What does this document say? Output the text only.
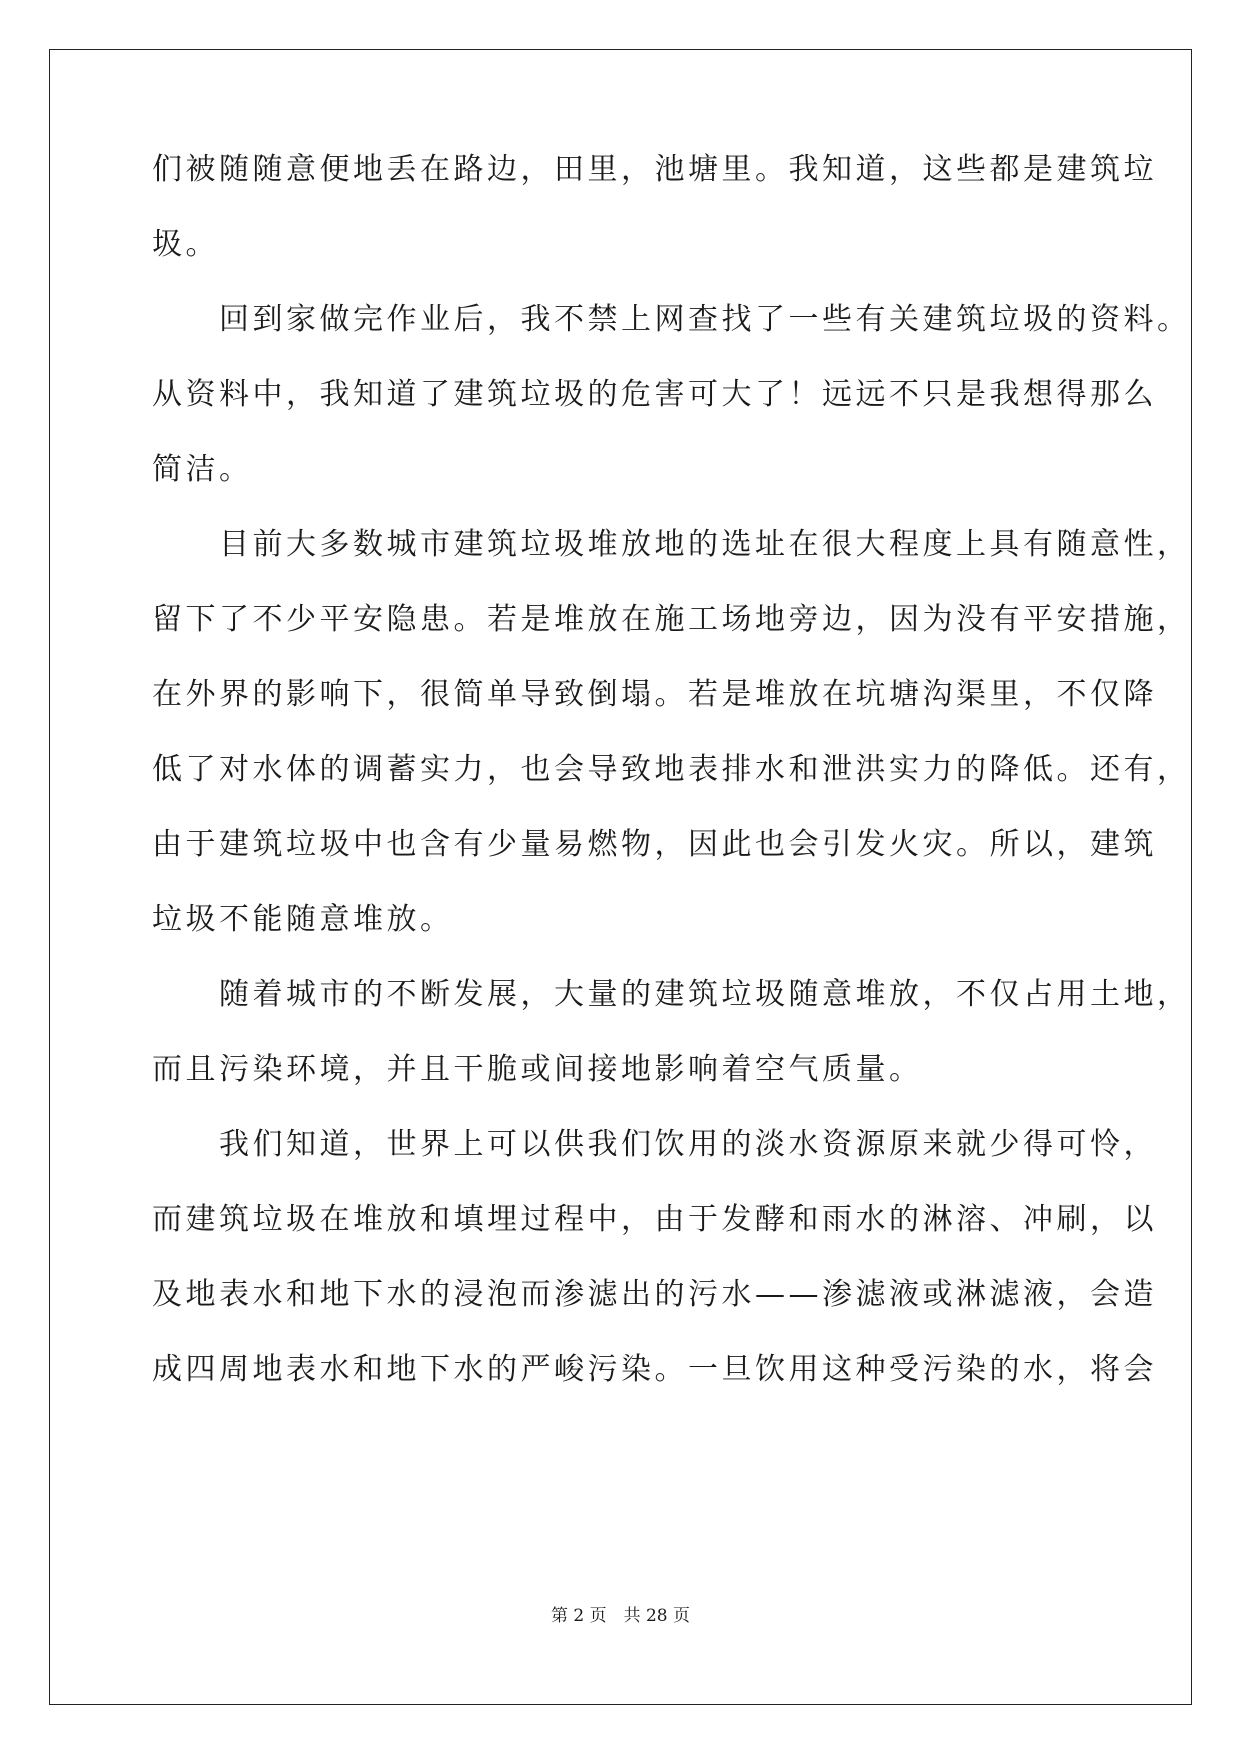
们被随随意便地丢在路边，田里，池塘里。我知道，这些都是建筑垃

圾。

　　回到家做完作业后，我不禁上网查找了一些有关建筑垃圾的资料。

从资料中，我知道了建筑垃圾的危害可大了！远远不只是我想得那么

简洁。

　　目前大多数城市建筑垃圾堆放地的选址在很大程度上具有随意性，

留下了不少平安隐患。若是堆放在施工场地旁边，因为没有平安措施，

在外界的影响下，很简单导致倒塌。若是堆放在坑塘沟渠里，不仅降

低了对水体的调蓄实力，也会导致地表排水和泄洪实力的降低。还有，

由于建筑垃圾中也含有少量易燃物，因此也会引发火灾。所以，建筑

垃圾不能随意堆放。

　　随着城市的不断发展，大量的建筑垃圾随意堆放，不仅占用土地，

而且污染环境，并且干脆或间接地影响着空气质量。

　　我们知道，世界上可以供我们饮用的淡水资源原来就少得可怜，

而建筑垃圾在堆放和填埋过程中，由于发酵和雨水的淋溶、冲刷，以

及地表水和地下水的浸泡而渗滤出的污水——渗滤液或淋滤液，会造

成四周地表水和地下水的严峻污染。一旦饮用这种受污染的水，将会

第 2 页　共 28 页
